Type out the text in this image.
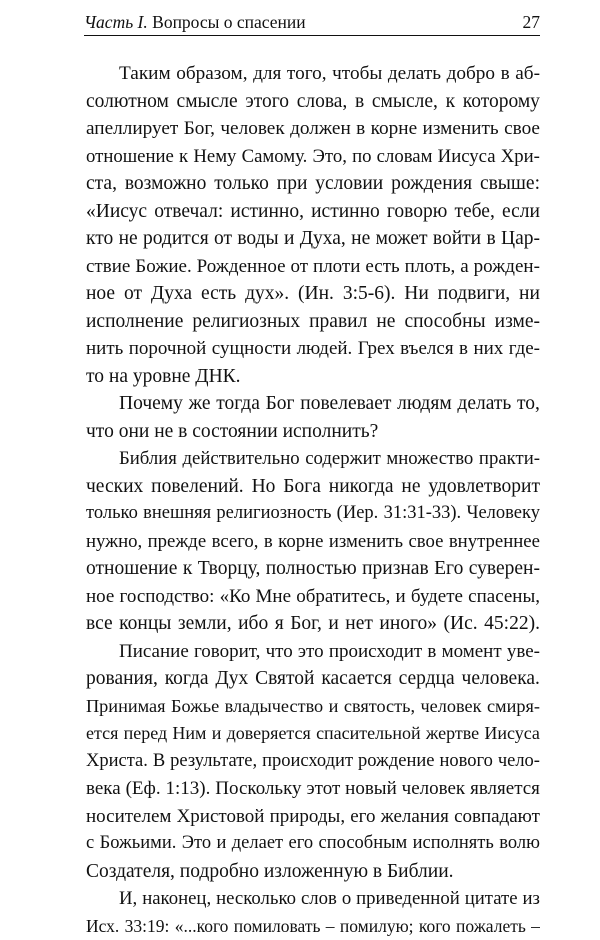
Часть I. Вопросы о спасении	27
Таким образом, для того, чтобы делать добро в аб-
солютном смысле этого слова, в смысле, к которому
апеллирует Бог, человек должен в корне изменить свое
отношение к Нему Самому. Это, по словам Иисуса Хри-
ста, возможно только при условии рождения свыше:
«Иисус отвечал: истинно, истинно говорю тебе, если
кто не родится от воды и Духа, не может войти в Цар-
ствие Божие. Рожденное от плоти есть плоть, а рожден-
ное от Духа есть дух». (Ин. 3:5-6). Ни подвиги, ни
исполнение религиозных правил не способны изме-
нить порочной сущности людей. Грех въелся в них где-
то на уровне ДНК.
Почему же тогда Бог повелевает людям делать то,
что они не в состоянии исполнить?
Библия действительно содержит множество практи-
ческих повелений. Но Бога никогда не удовлетворит
только внешняя религиозность (Иер. 31:31-33). Человеку
нужно, прежде всего, в корне изменить свое внутреннее
отношение к Творцу, полностью признав Его суверен-
ное господство: «Ко Мне обратитесь, и будете спасены,
все концы земли, ибо я Бог, и нет иного» (Ис. 45:22).
Писание говорит, что это происходит в момент уве-
рования, когда Дух Святой касается сердца человека.
Принимая Божье владычество и святость, человек смиря-
ется перед Ним и доверяется спасительной жертве Иисуса
Христа. В результате, происходит рождение нового чело-
века (Еф. 1:13). Поскольку этот новый человек является
носителем Христовой природы, его желания совпадают
с Божьими. Это и делает его способным исполнять волю
Создателя, подробно изложенную в Библии.
И, наконец, несколько слов о приведенной цитате из
Исх. 33:19: «...кого помиловать – помилую; кого пожалеть –
